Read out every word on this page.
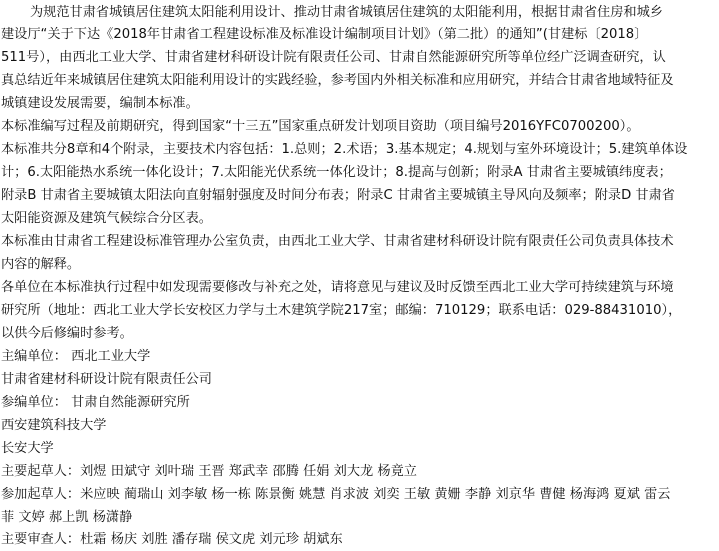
为规范甘肃省城镇居住建筑太阳能利用设计、推动甘肃省城镇居住建筑的太阳能利用，根据甘肃省住房和城乡
建设厅“关于下达《2018年甘肃省工程建设标准及标准设计编制项目计划》（第二批）的通知”(甘建标〔2018〕
511号），由西北工业大学、甘肃省建材科研设计院有限责任公司、甘肃自然能源研究所等单位经广泛调查研究，认
真总结近年来城镇居住建筑太阳能利用设计的实践经验，参考国内外相关标准和应用研究，并结合甘肃省地域特征及
城镇建设发展需要，编制本标准。
本标准编写过程及前期研究，得到国家“十三五”国家重点研发计划项目资助（项目编号2016YFC0700200）。
本标准共分8章和4个附录，主要技术内容包括：1.总则；2.术语；3.基本规定；4.规划与室外环境设计；5.建筑单体设
计；6.太阳能热水系统一体化设计；7.太阳能光伏系统一体化设计；8.提高与创新；附录A 甘肃省主要城镇纬度表；
附录B 甘肃省主要城镇太阳法向直射辐射强度及时间分布表；附录C 甘肃省主要城镇主导风向及频率；附录D 甘肃省
太阳能资源及建筑气候综合分区表。
本标准由甘肃省工程建设标准管理办公室负责，由西北工业大学、甘肃省建材科研设计院有限责任公司负责具体技术
内容的解释。
各单位在本标准执行过程中如发现需要修改与补充之处，请将意见与建议及时反馈至西北工业大学可持续建筑与环境
研究所（地址：西北工业大学长安校区力学与土木建筑学院217室；邮编：710129；联系电话：029-88431010），
以供今后修编时参考。
主编单位： 西北工业大学
甘肃省建材科研设计院有限责任公司
参编单位： 甘肃自然能源研究所
西安建筑科技大学
长安大学
主要起草人：刘煜 田斌守 刘叶瑞 王晋 郑武幸 邵腾 任娟 刘大龙 杨竟立
参加起草人：米应映 蔺瑞山 刘李敏 杨一栋 陈景衡 姚慧 肖求波 刘奕 王敏 黄姗 李静 刘京华 曹健 杨海鸿 夏斌 雷云
菲 文婷 郝上凯 杨潇静
主要审查人：杜霜 杨庆 刘胜 潘存瑞 侯文虎 刘元珍 胡斌东
